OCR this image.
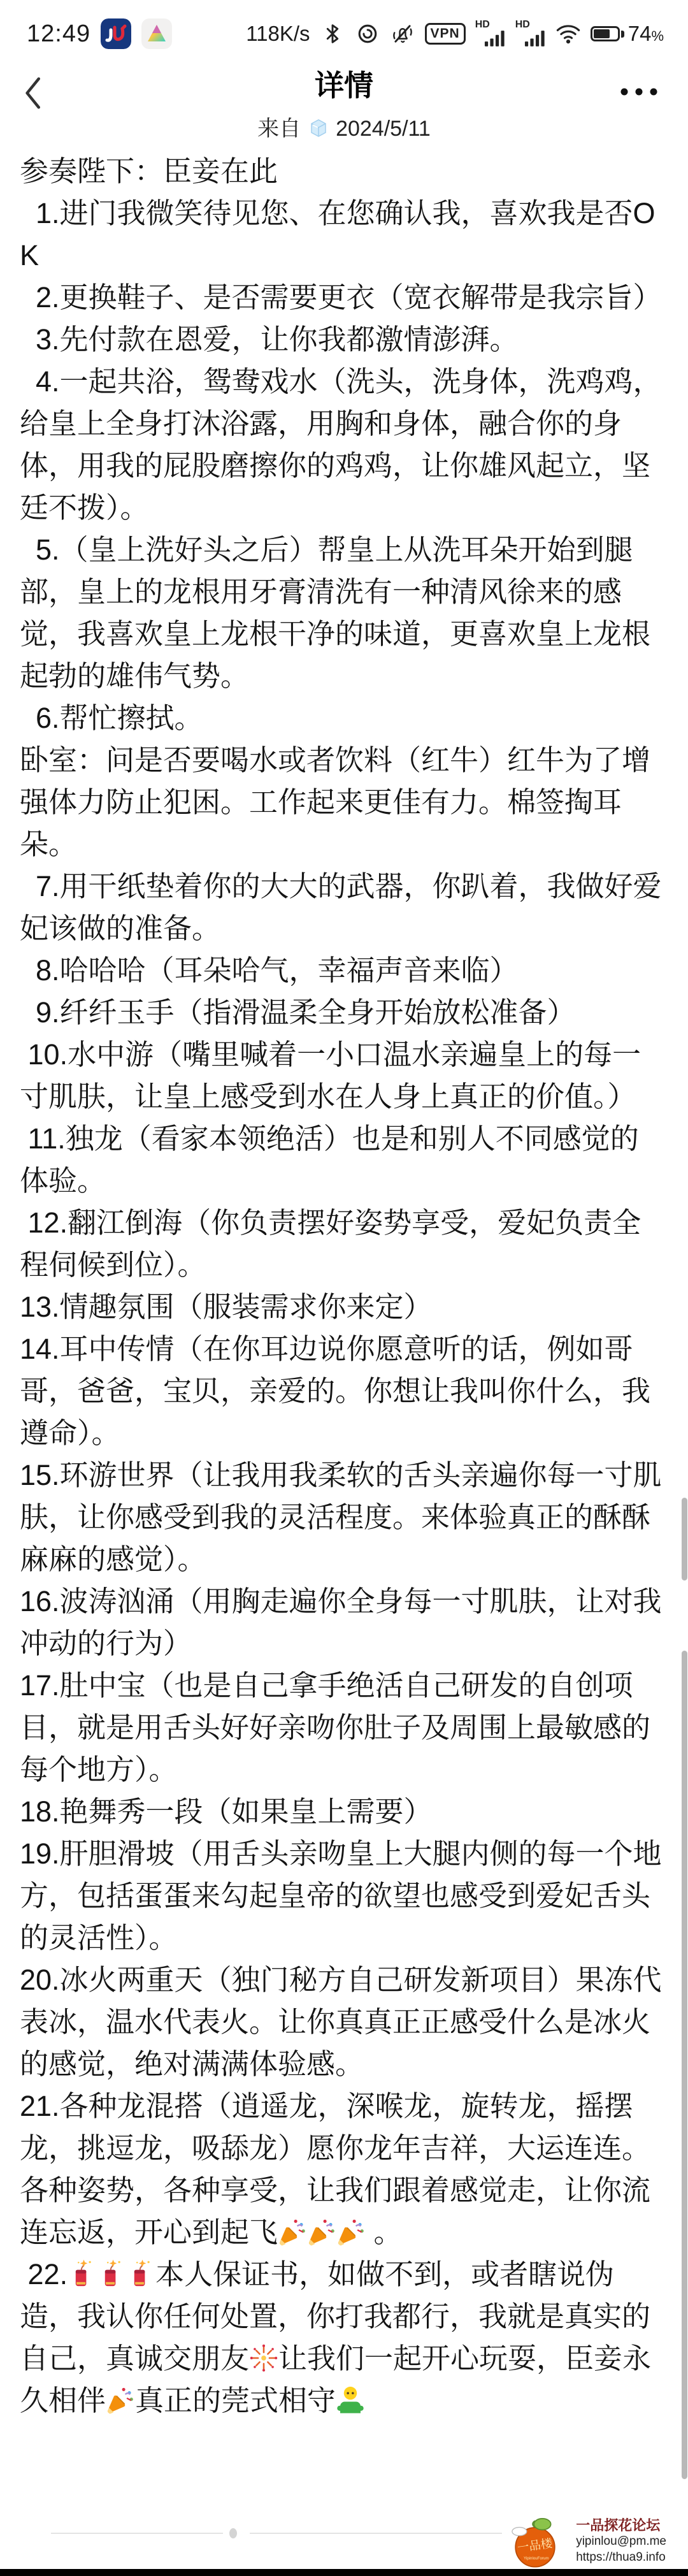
12:49	118K/s	VPN
HD HD	74%
详情
来自  2024/5/11

参奏陛下：臣妾在此

1.进门我微笑待见您、在您确认我，喜欢我是否OK

2.更换鞋子、是否需要更衣（宽衣解带是我宗旨）

3.先付款在恩爱，让你我都激情澎湃。

4.一起共浴，鸳鸯戏水（洗头，洗身体，洗鸡鸡，给皇上全身打沐浴露，用胸和身体，融合你的身体，用我的屁股磨擦你的鸡鸡，让你雄风起立，坚廷不拨）。

5.（皇上洗好头之后）帮皇上从洗耳朵开始到腿部，皇上的龙根用牙膏清洗有一种清风徐来的感觉，我喜欢皇上龙根干净的味道，更喜欢皇上龙根起勃的雄伟气势。

6.帮忙擦拭。

卧室：问是否要喝水或者饮料（红牛）红牛为了增强体力防止犯困。工作起来更佳有力。棉签掏耳朵。

7.用干纸垫着你的大大的武器，你趴着，我做好爱妃该做的准备。

8.哈哈哈（耳朵哈气，幸福声音来临）

9.纤纤玉手（指滑温柔全身开始放松准备）

10.水中游（嘴里喊着一小口温水亲遍皇上的每一寸肌肤，让皇上感受到水在人身上真正的价值。）

11.独龙（看家本领绝活）也是和别人不同感觉的体验。

12.翻江倒海（你负责摆好姿势享受，爱妃负责全程伺候到位）。

13.情趣氛围（服装需求你来定）

14.耳中传情（在你耳边说你愿意听的话，例如哥哥，爸爸，宝贝，亲爱的。你想让我叫你什么，我遵命）。

15.环游世界（让我用我柔软的舌头亲遍你每一寸肌肤，让你感受到我的灵活程度。来体验真正的酥酥麻麻的感觉）。

16.波涛汹涌（用胸走遍你全身每一寸肌肤，让对我冲动的行为）

17.肚中宝（也是自己拿手绝活自己研发的自创项目，就是用舌头好好亲吻你肚子及周围上最敏感的每个地方）。

18.艳舞秀一段（如果皇上需要）

19.肝胆滑坡（用舌头亲吻皇上大腿内侧的每一个地方，包括蛋蛋来勾起皇帝的欲望也感受到爱妃舌头的灵活性）。

20.冰火两重天（独门秘方自己研发新项目）果冻代表冰，温水代表火。让你真真正正感受什么是冰火的感觉，绝对满满体验感。

21.各种龙混搭（逍遥龙，深喉龙，旋转龙，摇摆龙，挑逗龙，吸舔龙）愿你龙年吉祥，大运连连。各种姿势，各种享受，让我们跟着感觉走，让你流连忘返，开心到起飞	。

22.	本人保证书，如做不到，或者瞎说伪造，我认你任何处置，你打我都行，我就是真实的自己，真诚交朋友 让我们一起开心玩耍，臣妾永久相伴 真正的莞式相守

一品楼
YipinlouForum
一品探花论坛
yipinlou@pm.me
https://thua9.info
